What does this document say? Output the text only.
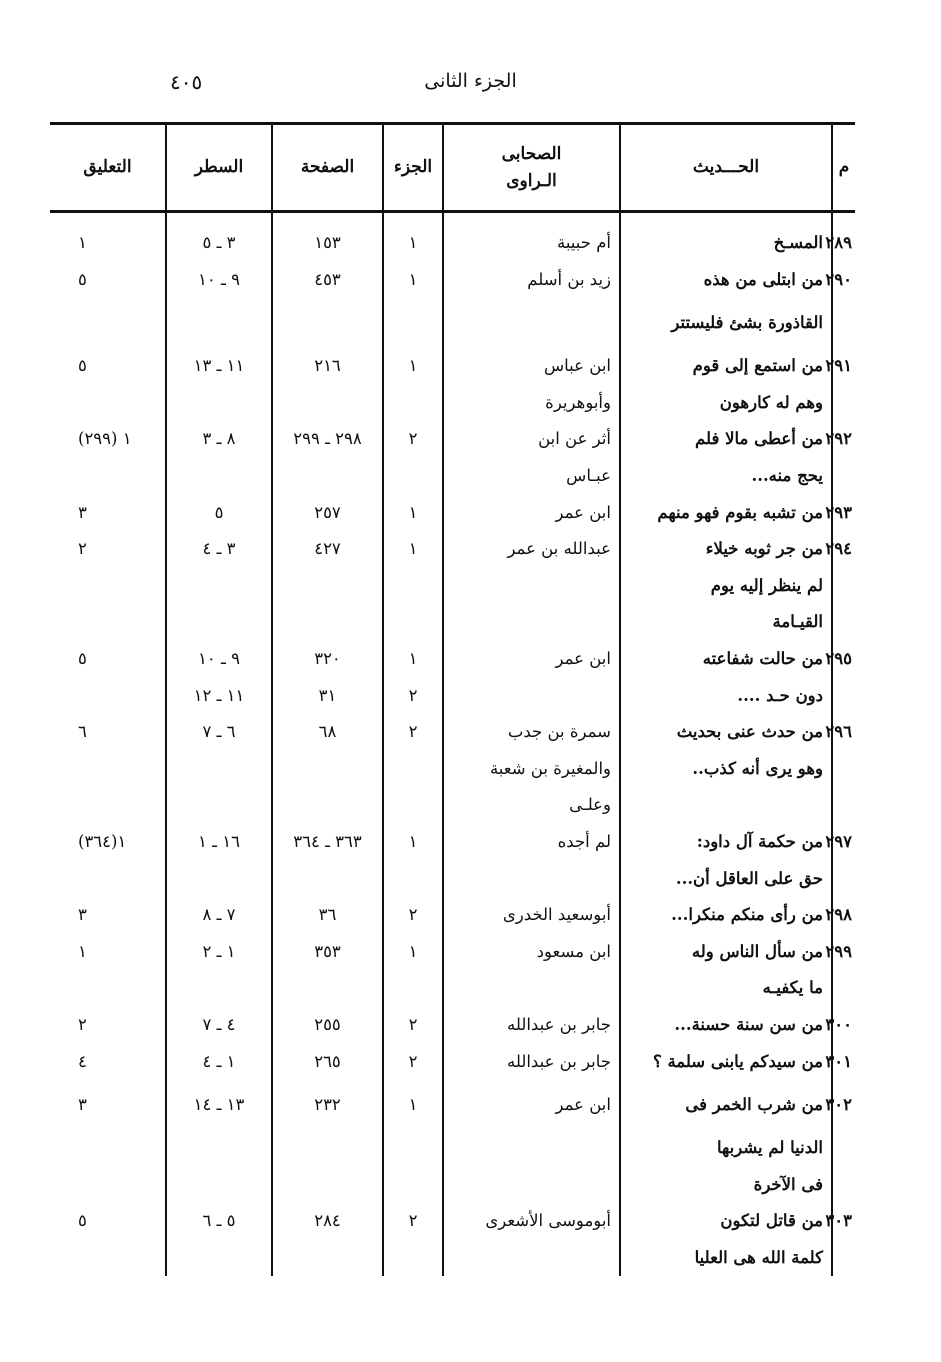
٤٠٥	الجزء الثانى
م	الحـــديث	الصحابى
الـراوى	الجزء	الصفحة	السطر	التعليق

٢٨٩	المسـخ	أم حبيبة	١	١٥٣	٣ ـ ٥	١
٢٩٠	من ابتلى من هذه	زيد بن أسلم	١	٤٥٣	٩ ـ ١٠	٥
	القاذورة بشئ فليستتر					
٢٩١	من استمع إلى قوم	ابن عباس	١	٢١٦	١١ ـ ١٣	٥
	وهم له كارهون	وأبوهريرة				
٢٩٢	من أعطى مالا فلم	أثر عن ابن	٢	٢٩٨ ـ ٢٩٩	٨ ـ ٣	١ (٢٩٩)
	يحج منه...	عبـاس				
٢٩٣	من تشبه بقوم فهو منهم	ابن عمر	١	٢٥٧	٥	٣
٢٩٤	من جر ثوبه خيلاء	عبدالله بن عمر	١	٤٢٧	٣ ـ ٤	٢
	لم ينظر إليه يوم					
	القيـامة					
٢٩٥	من حالت شفاعته	ابن عمر	١	٣٢٠	٩ ـ ١٠	٥
	دون حـد ....		٢	٣١	١١ ـ ١٢	
٢٩٦	من حدث عنى بحديث	سمرة بن جدب	٢	٦٨	٦ ـ ٧	٦
	وهو يرى أنه كذب..	والمغيرة بن شعبة				
		وعلـى				
٢٩٧	من حكمة آل داود:	لم أجده	١	٣٦٣ ـ ٣٦٤	١٦ ـ ١	١(٣٦٤)
	حق على العاقل أن...					
٢٩٨	من رأى منكم منكرا...	أبوسعيد الخدرى	٢	٣٦	٧ ـ ٨	٣
٢٩٩	من سأل الناس وله	ابن مسعود	١	٣٥٣	١ ـ ٢	١
	ما يكفيـه					
٣٠٠	من سن سنة حسنة...	جابر بن عبدالله	٢	٢٥٥	٤ ـ ٧	٢
٣٠١	من سيدكم يابنى سلمة ؟	جابر بن عبدالله	٢	٢٦٥	١ ـ ٤	٤
٣٠٢	من شرب الخمر فى	ابن عمر	١	٢٣٢	١٣ ـ ١٤	٣
	الدنيا لم يشربها					
	فى الآخرة					
٣٠٣	من قاتل لتكون	أبوموسى الأشعرى	٢	٢٨٤	٥ ـ ٦	٥
	كلمة الله هى العليا					
